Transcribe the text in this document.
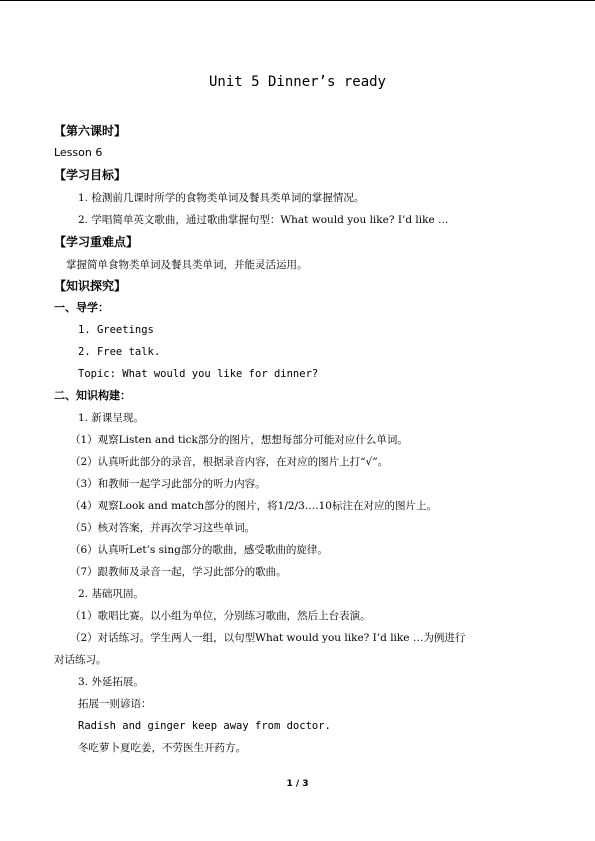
Unit 5 Dinner’s ready
【第六课时】
Lesson 6
【学习目标】
1. 检测前几课时所学的食物类单词及餐具类单词的掌握情况。
2. 学唱简单英文歌曲，通过歌曲掌握句型：What would you like? I’d like …
【学习重难点】
掌握简单食物类单词及餐具类单词，并能灵活运用。
【知识探究】
一、导学：
1. Greetings
2. Free talk.
Topic: What would you like for dinner?
二、知识构建：
1. 新课呈现。
（1）观察Listen and tick部分的图片，想想每部分可能对应什么单词。
（2）认真听此部分的录音，根据录音内容，在对应的图片上打“√”。
（3）和教师一起学习此部分的听力内容。
（4）观察Look and match部分的图片，将1/2/3….10标注在对应的图片上。
（5）核对答案，并再次学习这些单词。
（6）认真听Let’s sing部分的歌曲，感受歌曲的旋律。
（7）跟教师及录音一起，学习此部分的歌曲。
2. 基础巩固。
（1）歌唱比赛。以小组为单位，分别练习歌曲，然后上台表演。
（2）对话练习。学生两人一组，以句型What would you like? I’d like …为例进行
对话练习。
3. 外延拓展。
拓展一则谚语：
Radish and ginger keep away from doctor.
冬吃萝卜夏吃姜，不劳医生开药方。
1 / 3
